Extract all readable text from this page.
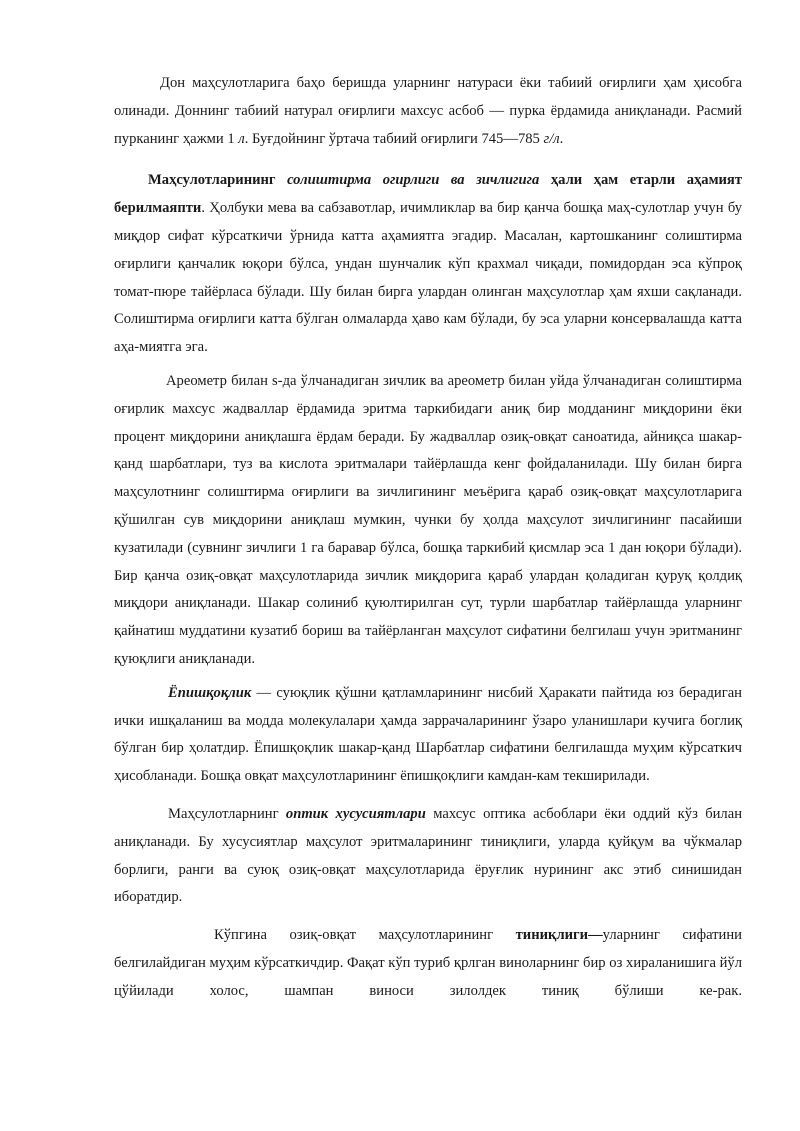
Дон маҳсулотларига баҳо беришда уларнинг натураси ёки табиий оғирлиги ҳам ҳисобга олинади. Доннинг табиий натурал оғирлиги махсус асбоб — пурка ёрдамида аниқланади. Расмий пурканинг ҳажми 1 л. Буғдойнинг ўртача табиий оғирлиги 745—785 г/л.

Маҳсулотларининг солиштирма огирлиги ва зичлигига ҳали ҳам етарли аҳамият берилмаяпти. Ҳолбуки мева ва сабзавотлар, ичимликлар ва бир қанча бошқа маҳ-сулотлар учун бу миқдор сифат кўрсаткичи ўрнида катта аҳамиятга эгадир. Масалан, картошканинг солиштирма оғирлиги қанчалик юқори бўлса, ундан шунчалик кўп крахмал чиқади, помидордан эса кўпроқ томат-пюре тайёрласа бўлади. Шу билан бирга улардан олинган маҳсулотлар ҳам яхши сақланади. Солиштирма оғирлиги катта бўлган олмаларда ҳаво кам бўлади, бу эса уларни консервалашда катта аҳа-миятга эга.

Ареометр билан s-да ўлчанадиган зичлик ва ареометр билан уйда ўлчанадиган солиштирма оғирлик махсус жадваллар ёрдамида эритма таркибидаги аниқ бир модданинг миқдорини ёки процент миқдорини аниқлашга ёрдам беради. Бу жадваллар озиқ-овқат саноатида, айниқса шакар-қанд шарбатлари, туз ва кислота эритмалари тайёрлашда кенг фойдаланилади. Шу билан бирга маҳсулотнинг солиштирма оғирлиги ва зичлигининг меъёрига қараб озиқ-овқат маҳсулотларига қўшилган сув миқдорини аниқлаш мумкин, чунки бу ҳолда маҳсулот зичлигининг пасайиши кузатилади (сувнинг зичлиги 1 га баравар бўлса, бошқа таркибий қисмлар эса 1 дан юқори бўлади). Бир қанча озиқ-овқат маҳсулотларида зичлик миқдорига қараб улардан қоладиган қуруқ қолдиқ миқдори аниқланади. Шакар солиниб қуюлтирилган сут, турли шарбатлар тайёрлашда уларнинг қайнатиш муддатини кузатиб бориш ва тайёрланган маҳсулот сифатини белгилаш учун эритманинг қуюқлиги аниқланади.

Ёпишқоқлик — суюқлик қўшни қатламларининг нисбий Ҳаракати пайтида юз берадиган ички ишқаланиш ва модда молекулалари ҳамда заррачаларининг ўзаро уланишлари кучига боглиқ бўлган бир ҳолатдир. Ёпишқоқлик шакар-қанд Шарбатлар сифатини белгилашда муҳим кўрсаткич ҳисобланади. Бошқа овқат маҳсулотларининг ёпишқоқлиги камдан-кам текширилади.

Маҳсулотларнинг оптик хусусиятлари махсус оптика асбоблари ёки оддий кўз билан аниқланади. Бу хусусиятлар маҳсулот эритмаларининг тиниқлиги, уларда қуйқум ва чўкмалар борлиги, ранги ва суюқ озиқ-овқат маҳсулотларида ёруғлик нурининг акс этиб синишидан иборатдир.

Кўпгина озиқ-овқат маҳсулотларининг тиниқлиги—уларнинг сифатини белгилайдиган муҳим кўрсаткичдир. Фақат кўп туриб қрлган виноларнинг бир оз хираланишига йўл цўйилади холос, шампан виноси зилолдек тиниқ бўлиши ке-рак.
